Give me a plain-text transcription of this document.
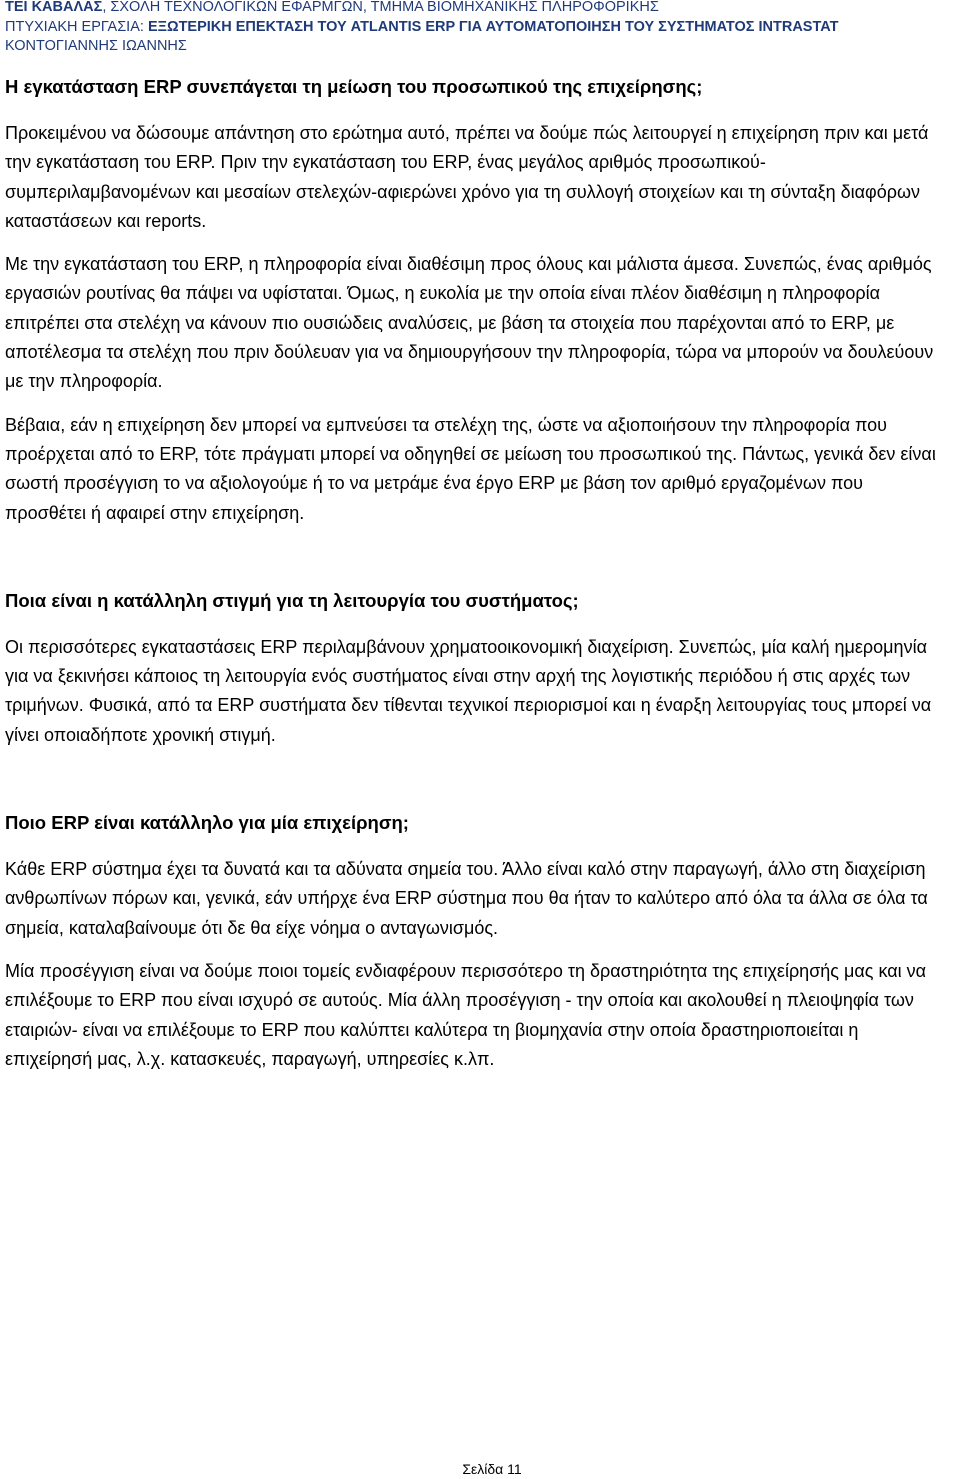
ΤΕΙ ΚΑΒΑΛΑΣ, ΣΧΟΛΗ ΤΕΧΝΟΛΟΓΙΚΩΝ ΕΦΑΡΜΓΩΝ, ΤΜΗΜΑ ΒΙΟΜΗΧΑΝΙΚΗΣ ΠΛΗΡΟΦΟΡΙΚΗΣ
ΠΤΥΧΙΑΚΗ ΕΡΓΑΣΙΑ: ΕΞΩΤΕΡΙΚΗ ΕΠΕΚΤΑΣΗ ΤΟΥ ATLANTIS ERP ΓΙΑ ΑΥΤΟΜΑΤΟΠΟΙΗΣΗ ΤΟΥ ΣΥΣΤΗΜΑΤΟΣ INTRASTAT
ΚΟΝΤΟΓΙΑΝΝΗΣ ΙΩΑΝΝΗΣ
Η εγκατάσταση ERP συνεπάγεται τη μείωση του προσωπικού της επιχείρησης;

Προκειμένου να δώσουμε απάντηση στο ερώτημα αυτό, πρέπει να δούμε πώς λειτουργεί η επιχείρηση πριν και μετά την εγκατάσταση του ERP. Πριν την εγκατάσταση του ERP, ένας μεγάλος αριθμός προσωπικού-συμπεριλαμβανομένων και μεσαίων στελεχών-αφιερώνει χρόνο για τη συλλογή στοιχείων και τη σύνταξη διαφόρων καταστάσεων και reports.

Με την εγκατάσταση του ERP, η πληροφορία είναι διαθέσιμη προς όλους και μάλιστα άμεσα. Συνεπώς, ένας αριθμός εργασιών ρουτίνας θα πάψει να υφίσταται. Όμως, η ευκολία με την οποία είναι πλέον διαθέσιμη η πληροφορία επιτρέπει στα στελέχη να κάνουν πιο ουσιώδεις αναλύσεις, με βάση τα στοιχεία που παρέχονται από το ERP, με αποτέλεσμα τα στελέχη που πριν δούλευαν για να δημιουργήσουν την πληροφορία, τώρα να μπορούν να δουλεύουν με την πληροφορία.

Βέβαια, εάν η επιχείρηση δεν μπορεί να εμπνεύσει τα στελέχη της, ώστε να αξιοποιήσουν την πληροφορία που προέρχεται από το ERP, τότε πράγματι μπορεί να οδηγηθεί σε μείωση του προσωπικού της. Πάντως, γενικά δεν είναι σωστή προσέγγιση το να αξιολογούμε ή το να μετράμε ένα έργο ERP με βάση τον αριθμό εργαζομένων που προσθέτει ή αφαιρεί στην επιχείρηση.

Ποια είναι η κατάλληλη στιγμή για τη λειτουργία του συστήματος;

Οι περισσότερες εγκαταστάσεις ERP περιλαμβάνουν χρηματοοικονομική διαχείριση. Συνεπώς, μία καλή ημερομηνία για να ξεκινήσει κάποιος τη λειτουργία ενός συστήματος είναι στην αρχή της λογιστικής περιόδου ή στις αρχές των τριμήνων. Φυσικά, από τα ERP συστήματα δεν τίθενται τεχνικοί περιορισμοί και η έναρξη λειτουργίας τους μπορεί να γίνει οποιαδήποτε χρονική στιγμή.

Ποιο ERP είναι κατάλληλο για μία επιχείρηση;

Κάθε ERP σύστημα έχει τα δυνατά και τα αδύνατα σημεία του. Άλλο είναι καλό στην παραγωγή, άλλο στη διαχείριση ανθρωπίνων πόρων και, γενικά, εάν υπήρχε ένα ERP σύστημα που θα ήταν το καλύτερο από όλα τα άλλα σε όλα τα σημεία, καταλαβαίνουμε ότι δε θα είχε νόημα ο ανταγωνισμός.

Μία προσέγγιση είναι να δούμε ποιοι τομείς ενδιαφέρουν περισσότερο τη δραστηριότητα της επιχείρησής μας και να επιλέξουμε το ERP που είναι ισχυρό σε αυτούς. Μία άλλη προσέγγιση - την οποία και ακολουθεί η πλειοψηφία των εταιριών- είναι να επιλέξουμε το ERP που καλύπτει καλύτερα τη βιομηχανία στην οποία δραστηριοποιείται η επιχείρησή μας, λ.χ. κατασκευές, παραγωγή, υπηρεσίες κ.λπ.

Σελίδα 11
